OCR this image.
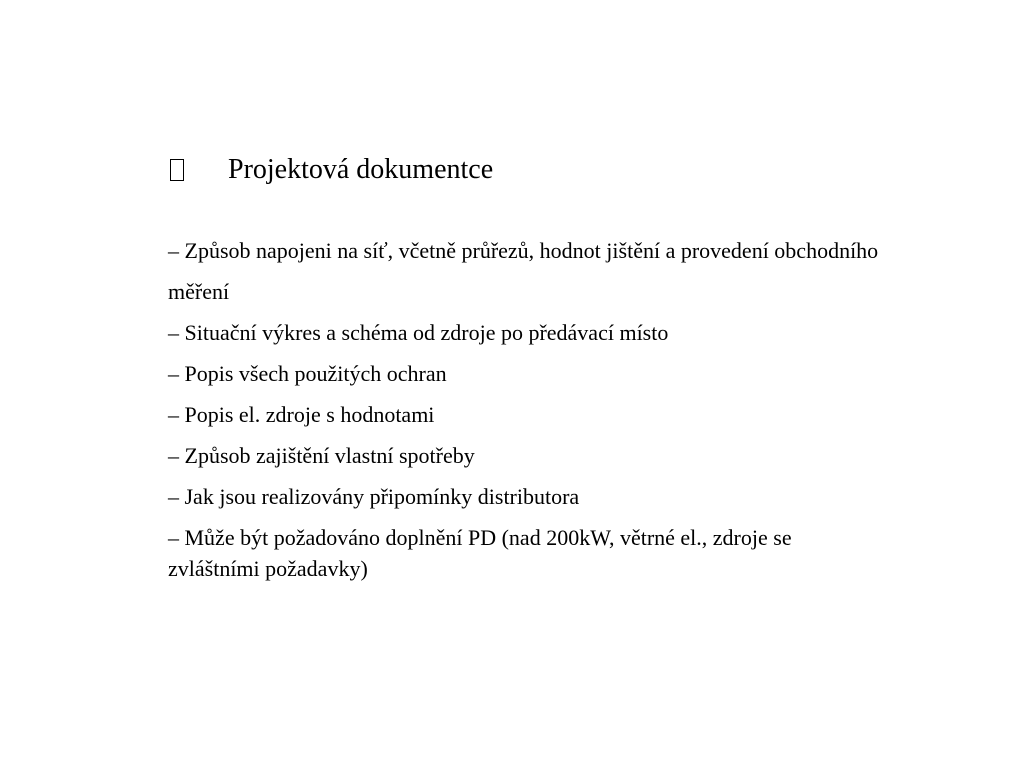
Projektová dokumentce
– Způsob napojeni na síť, včetně průřezů, hodnot jištění a provedení obchodního měření
– Situační výkres a schéma od zdroje po předávací místo
– Popis všech použitých ochran
– Popis el. zdroje s hodnotami
– Způsob zajištění vlastní spotřeby
– Jak jsou realizovány připomínky distributora
– Může být požadováno doplnění PD (nad 200kW, větrné el., zdroje se zvláštními požadavky)
